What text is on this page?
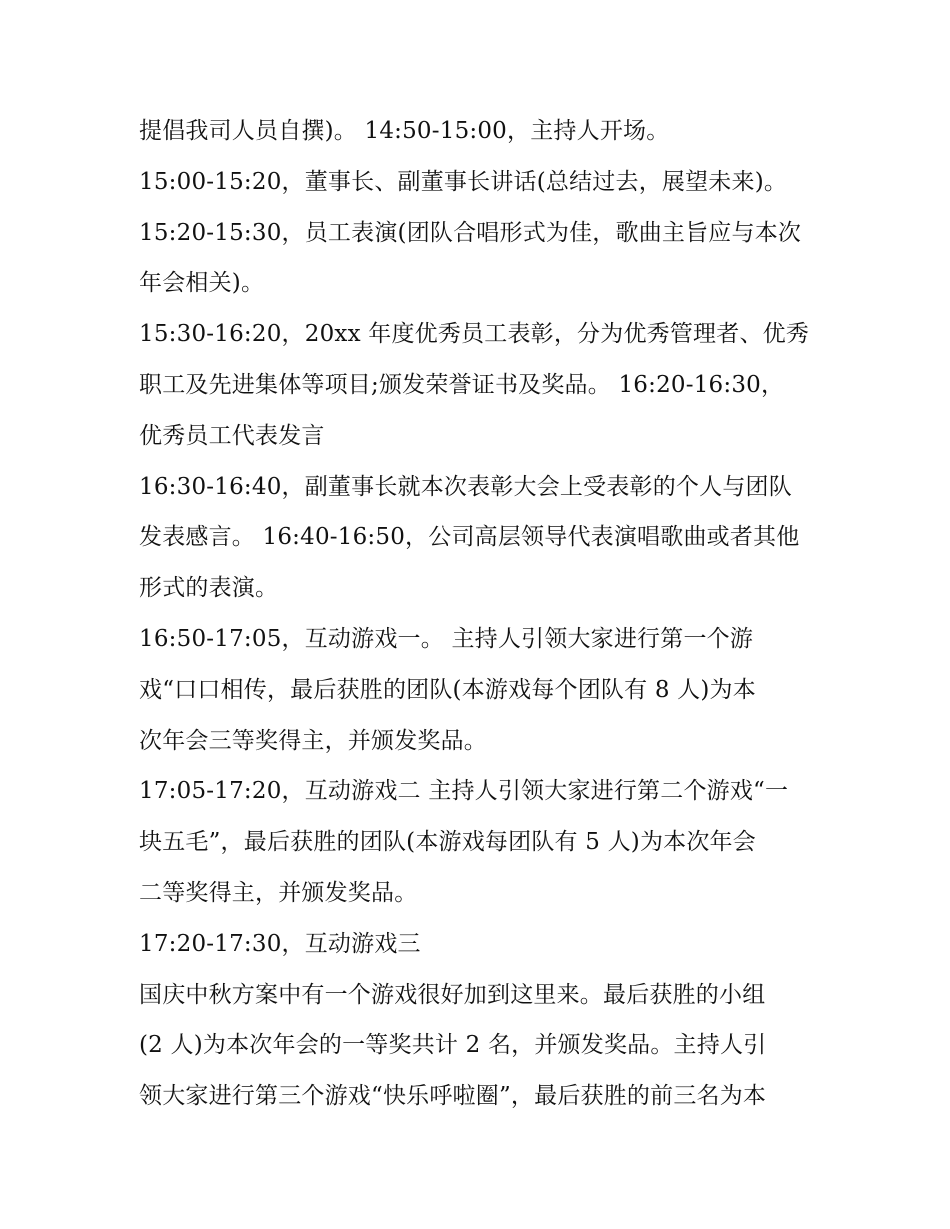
提倡我司人员自撰)。 14:50-15:00，主持人开场。
15:00-15:20，董事长、副董事长讲话(总结过去，展望未来)。
15:20-15:30，员工表演(团队合唱形式为佳，歌曲主旨应与本次
年会相关)。
15:30-16:20，20xx 年度优秀员工表彰，分为优秀管理者、优秀
职工及先进集体等项目;颁发荣誉证书及奖品。 16:20-16:30，
优秀员工代表发言
16:30-16:40，副董事长就本次表彰大会上受表彰的个人与团队
发表感言。 16:40-16:50，公司高层领导代表演唱歌曲或者其他
形式的表演。
16:50-17:05，互动游戏一。 主持人引领大家进行第一个游
戏“口口相传，最后获胜的团队(本游戏每个团队有 8 人)为本
次年会三等奖得主，并颁发奖品。
17:05-17:20，互动游戏二 主持人引领大家进行第二个游戏“一
块五毛”，最后获胜的团队(本游戏每团队有 5 人)为本次年会
二等奖得主，并颁发奖品。
17:20-17:30，互动游戏三
国庆中秋方案中有一个游戏很好加到这里来。最后获胜的小组
(2 人)为本次年会的一等奖共计 2 名，并颁发奖品。主持人引
领大家进行第三个游戏“快乐呼啦圈”，最后获胜的前三名为本
